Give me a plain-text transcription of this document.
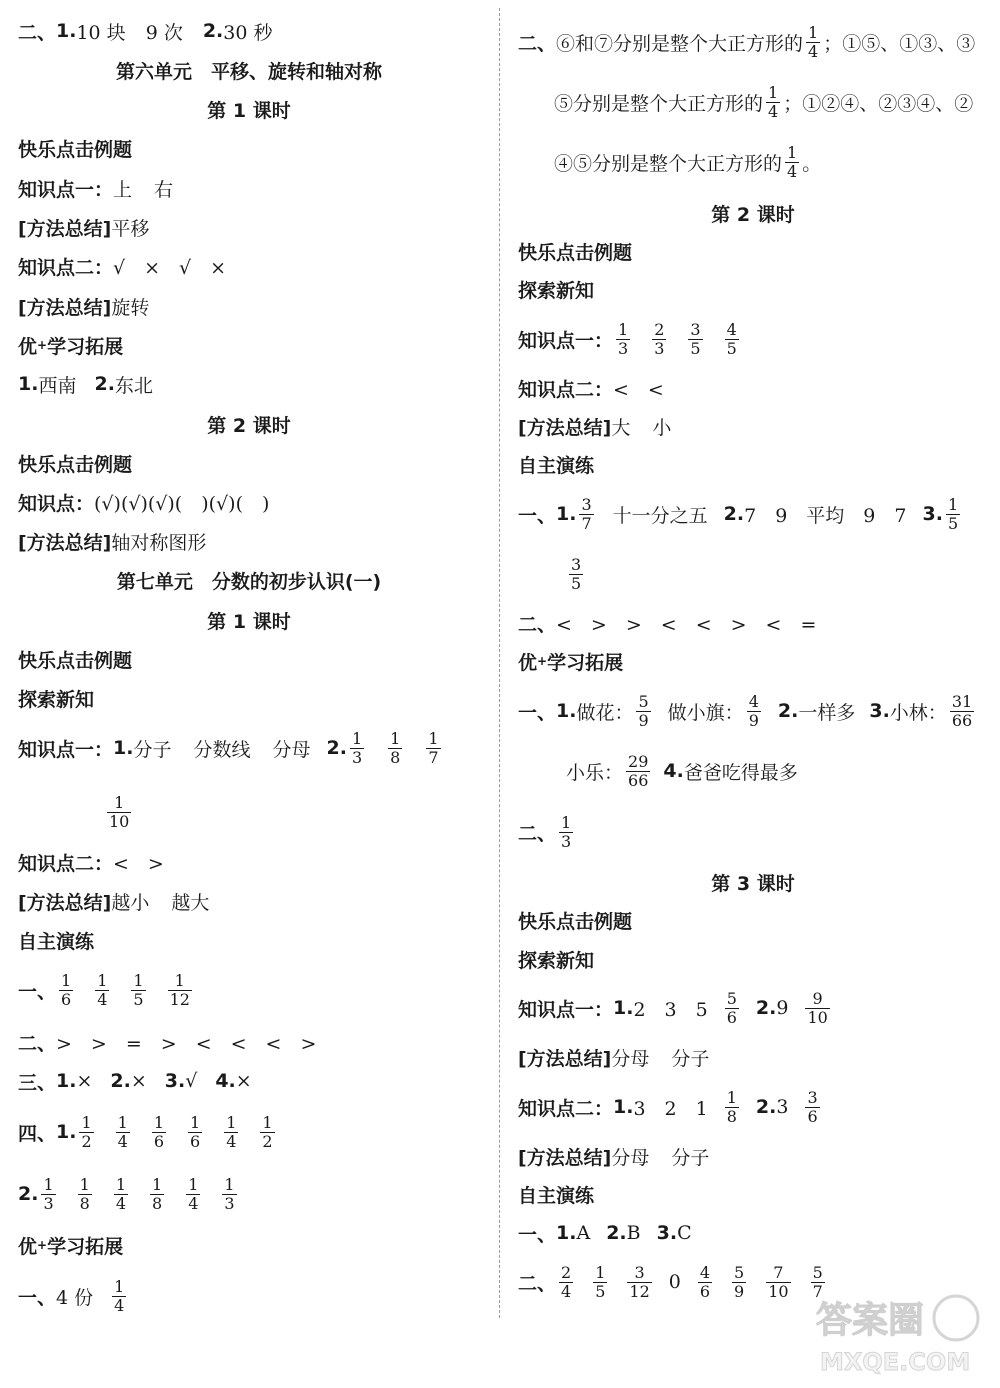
二、 1. 10 块 9 次 2. 30 秒
第六单元　平移、旋转和轴对称
第 1 课时
快乐点击例题
知识点一： 上 右
[方法总结] 平移
知识点二： √　×　√　×
[方法总结] 旋转
优 + 学习拓展
1. 西南 2. 东北
第 2 课时
快乐点击例题
知识点： (√)(√)(√)(　)(√)(　)
[方法总结] 轴对称图形
第七单元　分数的初步认识(一)
第 1 课时
快乐点击例题
探索新知
知识点一： 1. 分子 分数线 分母 2. $\frac{1}{3} \frac{1}{8} \frac{1}{7}$
$\frac{1}{10}$
知识点二： <　>
[方法总结] 越小 越大
自主演练
一、 $\frac{1}{6} \frac{1}{4} \frac{1}{5} \frac{1}{12}$
二、 >　>　=　>　<　<　<　>
三、 1. × 2. × 3. √ 4. ×
四、 1. $\frac{1}{2} \frac{1}{4} \frac{1}{6} \frac{1}{6} \frac{1}{4} \frac{1}{2}$
2. $\frac{1}{3} \frac{1}{8} \frac{1}{4} \frac{1}{8} \frac{1}{4} \frac{1}{3}$
优 + 学习拓展
一、 4 份 $\frac{1}{4}$
二、 ⑥和⑦分别是整个大正方形的 $\frac{1}{4}$ ；①⑤、①③、③
⑤分别是整个大正方形的 $\frac{1}{4}$ ；①②④、②③④、②
④⑤分别是整个大正方形的 $\frac{1}{4}$ 。
第 2 课时
快乐点击例题
探索新知
知识点一： $\frac{1}{3} \frac{2}{3} \frac{3}{5} \frac{4}{5}$
知识点二： <　<
[方法总结] 大 小
自主演练
一、 1. $\frac{3}{7}$ 十一分之五 2. 7　9　平均　9　7 3. $\frac{1}{5}$
$\frac{3}{5}$
二、 <　>　>　<　<　>　<　=
优 + 学习拓展
一、 1. 做花： $\frac{5}{9}$ 做小旗： $\frac{4}{9} 2$. 一样多 3. 小林： $\frac{31}{66}$
小乐： $\frac{29}{66} 4$. 爸爸吃得最多
二、 $\frac{1}{3}$
第 3 课时
快乐点击例题
探索新知
知识点一： 1. 2　3　$5 \frac{5}{6} 2$. $9 \frac{9}{10}$
[方法总结] 分母 分子
知识点二： 1. 3　2　$1 \frac{1}{8} 2$. $3 \frac{3}{6}$
[方法总结] 分母 分子
自主演练
一、 1. A 2. B 3. C
二、 $\frac{2}{4} \frac{1}{5} \frac{3}{12} 0 \frac{4}{6} \frac{5}{9} \frac{7}{10} \frac{5}{7}$
答案圈
MXQE.COM
